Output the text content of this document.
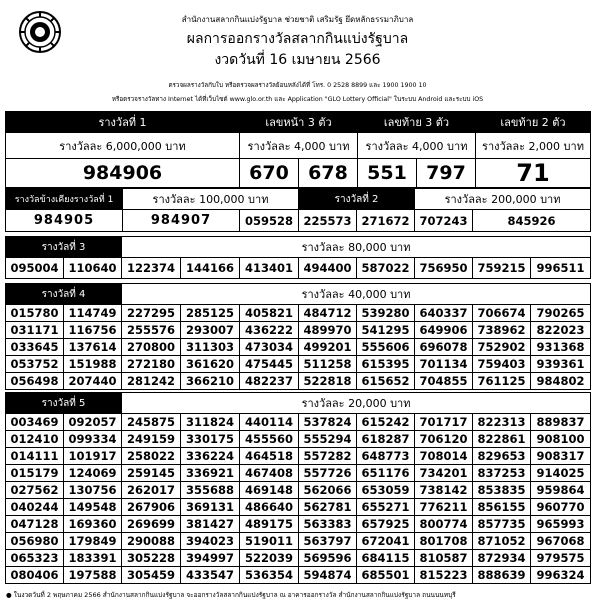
สำนักงานสลากกินแบ่งรัฐบาล ช่วยชาติ เสริมรัฐ ยึดหลักธรรมาภิบาล
ผลการออกรางวัลสลากกินแบ่งรัฐบาล
งวดวันที่ 16 เมษายน 2566
ตรวจผลรางวัลกับใบ หรือตรวจผลรางวัลย้อนหลังได้ที่ โทร. 0 2528 8899 และ 1900 1900 10
หรือตรวจรางวัลทาง Internet ได้ที่เว็บไซต์ www.glo.or.th และ Application "GLO Lottery Official" ในระบบ Android และระบบ iOS
รางวัลที่ 1	เลขหน้า 3 ตัว		เลขท้าย 3 ตัว		เลขท้าย 2 ตัว
รางวัลละ 6,000,000 บาท	รางวัลละ 4,000 บาท		รางวัลละ 4,000 บาท		รางวัลละ 2,000 บาท
984906	670	678	551	797	71
รางวัลข้างเคียงรางวัลที่ 1	รางวัลละ 100,000 บาท		รางวัลที่ 2		รางวัลละ 200,000 บาท	
984905	984907	059528	225573	271672	707243	845926
รางวัลที่ 3		รางวัลละ 80,000 บาท							
095004	110640	122374	144166	413401	494400	587022	756950	759215	996511
รางวัลที่ 4		รางวัลละ 40,000 บาท							
015780	114749	227295	285125	405821	484712	539280	640337	706674	790265
031171	116756	255576	293007	436222	489970	541295	649906	738962	822023
033645	137614	270800	311303	473034	499201	555606	696078	752902	931368
053752	151988	272180	361620	475445	511258	615395	701134	759403	939361
056498	207440	281242	366210	482237	522818	615652	704855	761125	984802
รางวัลที่ 5		รางวัลละ 20,000 บาท							
003469	092057	245875	311824	440114	537824	615242	701717	822313	889837
012410	099334	249159	330175	455560	555294	618287	706120	822861	908100
014111	101917	258022	336224	464518	557282	648773	708014	829653	908317
015179	124069	259145	336921	467408	557726	651176	734201	837253	914025
027562	130756	262017	355688	469148	562066	653059	738142	853835	959864
040244	149548	267906	369131	486640	562781	655271	776211	856155	960770
047128	169360	269699	381427	489175	563383	657925	800774	857735	965993
056980	179849	290088	394023	519011	563797	672041	801708	871052	967068
065323	183391	305228	394997	522039	569596	684115	810587	872934	979575
080406	197588	305459	433547	536354	594874	685501	815223	888639	996324
● ในงวดวันที่ 2 พฤษภาคม 2566 สำนักงานสลากกินแบ่งรัฐบาล จะออกรางวัลสลากกินแบ่งรัฐบาล ณ อาคารออกรางวัล สำนักงานสลากกินแบ่งรัฐบาล ถนนนนทบุรี
